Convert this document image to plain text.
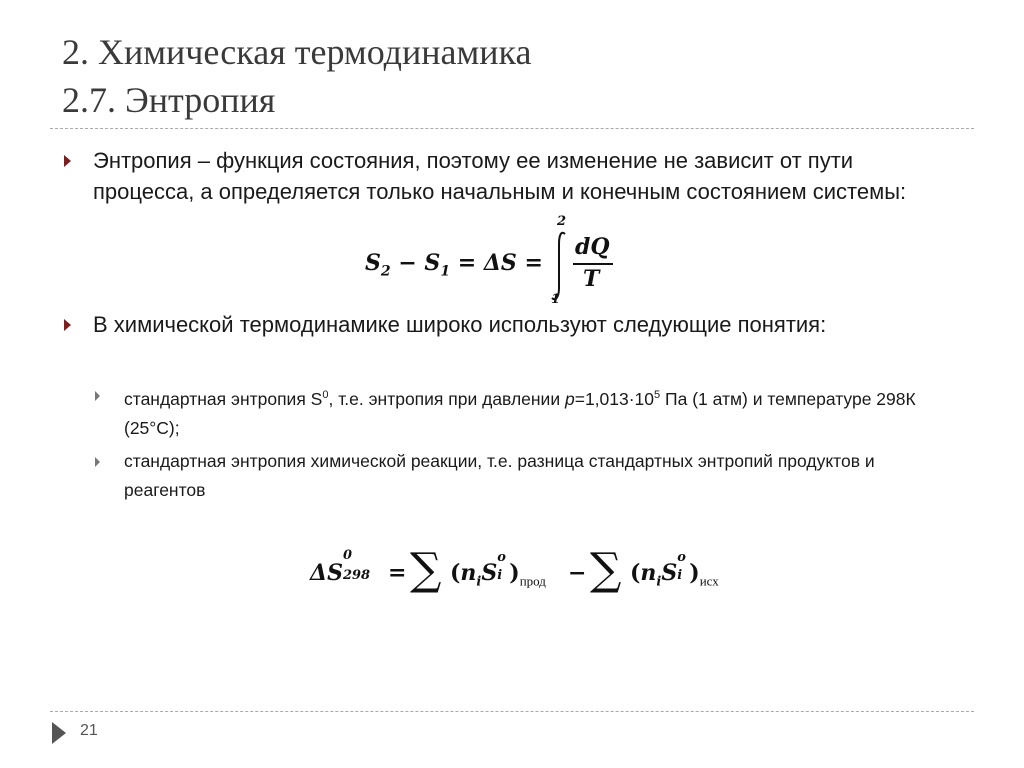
2. Химическая термодинамика
2.7. Энтропия
Энтропия – функция состояния, поэтому ее изменение не зависит от пути процесса, а определяется только начальным и конечным состоянием системы:
$S_2 - S_1 = \Delta S$ =
2
1
dQ
T
В химической термодинамике широко используют следующие понятия:
стандартная энтропия $S^0$, т.е. энтропия при давлении $p=1,013\cdot 10^5$ Па (1 атм) и температуре 298К (25°С);
стандартная энтропия химической реакции, т.е. разница стандартных энтропий продуктов и реагентов
ΔS
0
298 = ∑ ($n_iS$
o
i )$_{прод}$ − ∑ ($n_iS$
o
i )$_{исх}$
21
